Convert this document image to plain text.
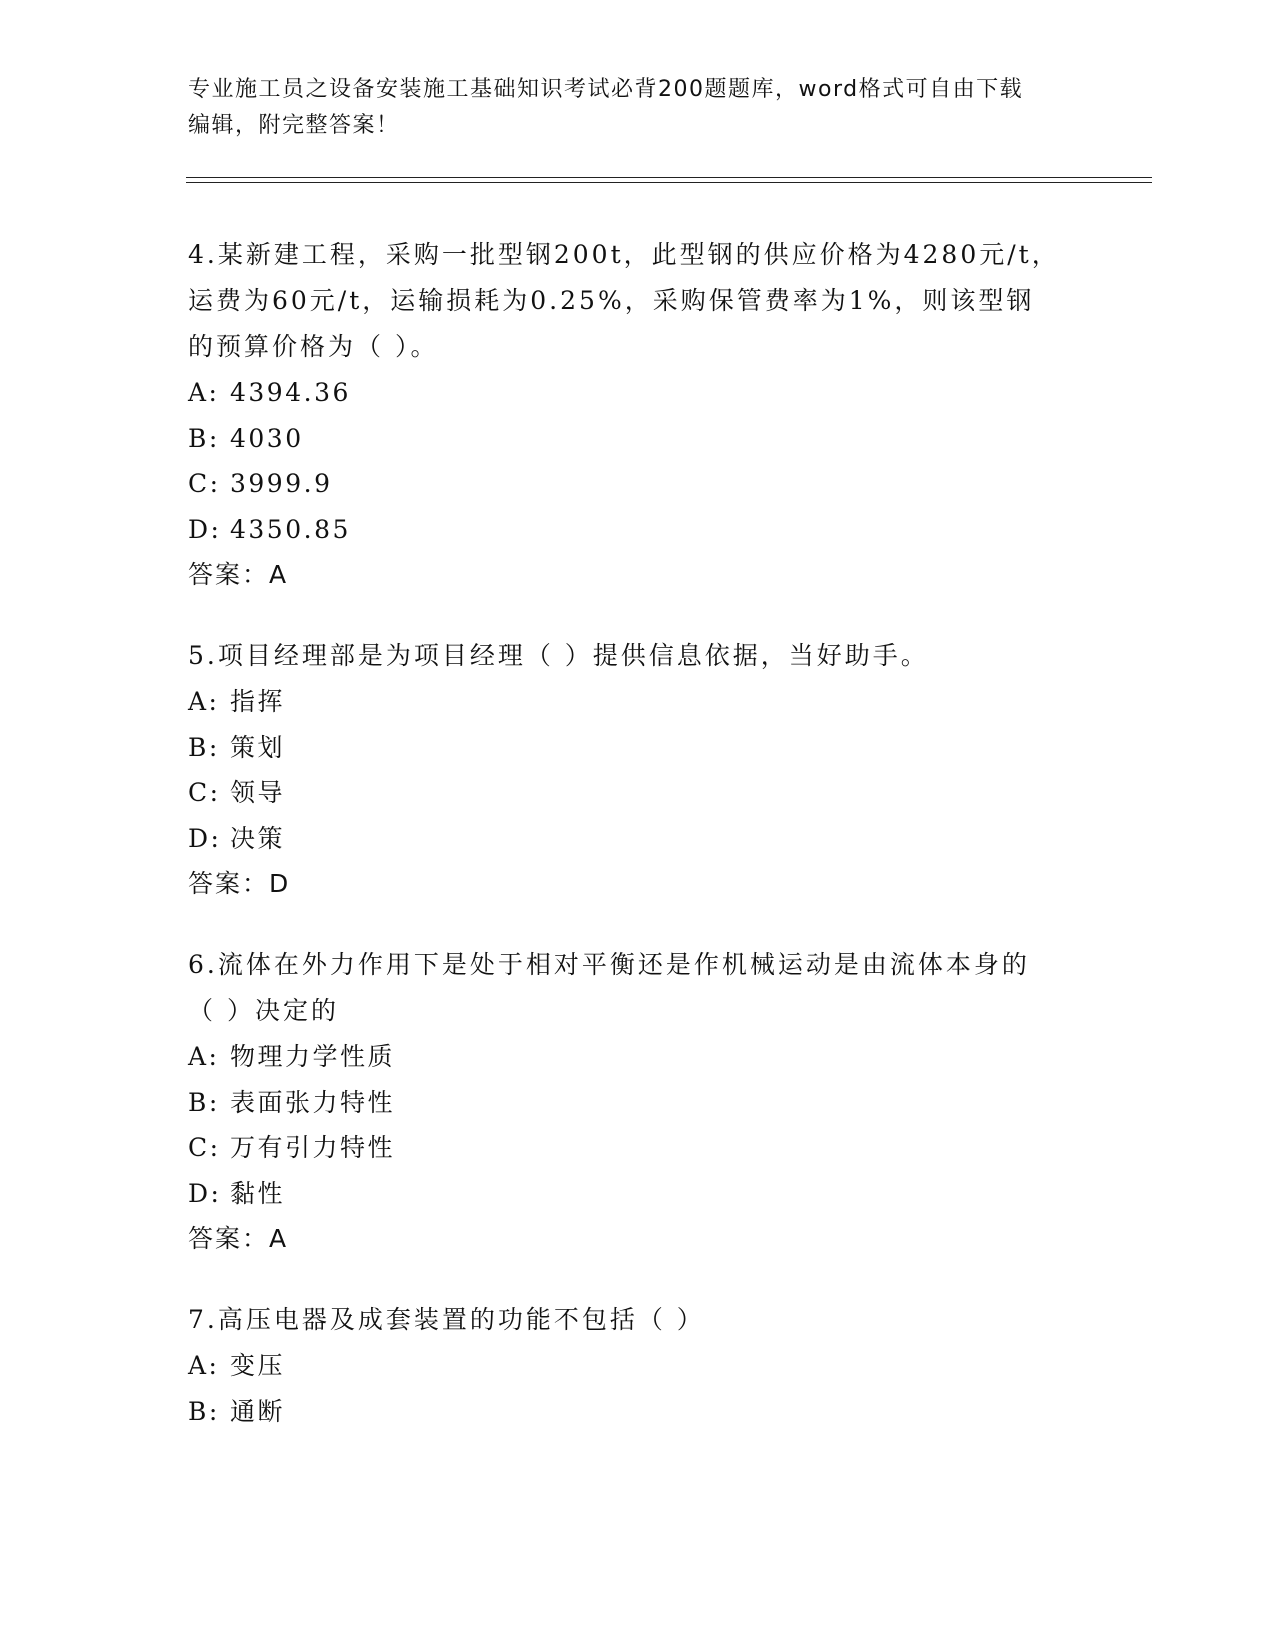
专业施工员之设备安装施工基础知识考试必背200题题库，word格式可自由下载
编辑，附完整答案！
4.某新建工程，采购一批型钢200t，此型钢的供应价格为4280元/t，
运费为60元/t，运输损耗为0.25%，采购保管费率为1%，则该型钢
的预算价格为（ ）。
A: 4394.36
B: 4030
C: 3999.9
D: 4350.85
答案：A
5.项目经理部是为项目经理（ ）提供信息依据，当好助手。
A: 指挥
B: 策划
C: 领导
D: 决策
答案：D
6.流体在外力作用下是处于相对平衡还是作机械运动是由流体本身的
（ ）决定的
A: 物理力学性质
B: 表面张力特性
C: 万有引力特性
D: 黏性
答案：A
7.高压电器及成套装置的功能不包括（ ）
A: 变压
B: 通断
